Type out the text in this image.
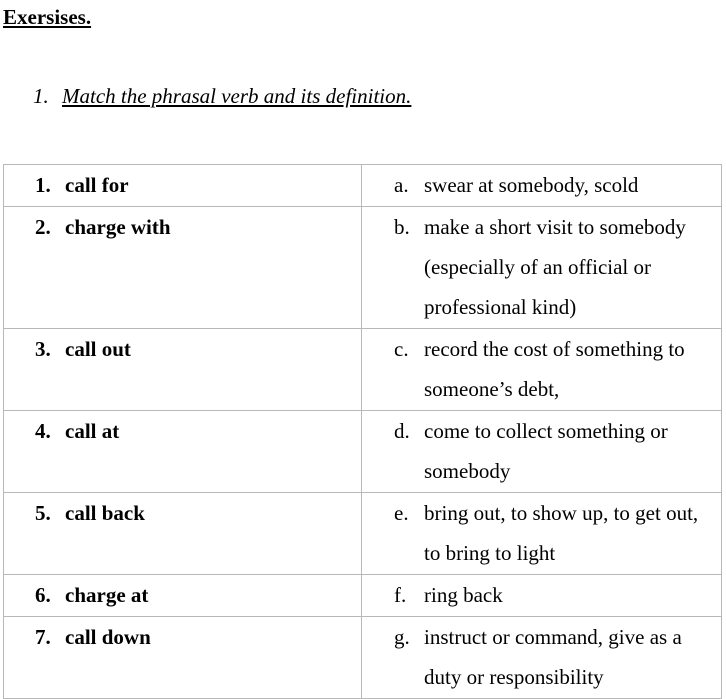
Exersises.
1. Match the phrasal verb and its definition.
1. call for	a. swear at somebody, scold
2. charge with	b. make a short visit to somebody (especially of an official or professional kind)
3. call out	c. record the cost of something to someone’s debt,
4. call at	d. come to collect something or somebody
5. call back	e. bring out, to show up, to get out, to bring to light
6. charge at	f. ring back
7. call down	g. instruct or command, give as a duty or responsibility
